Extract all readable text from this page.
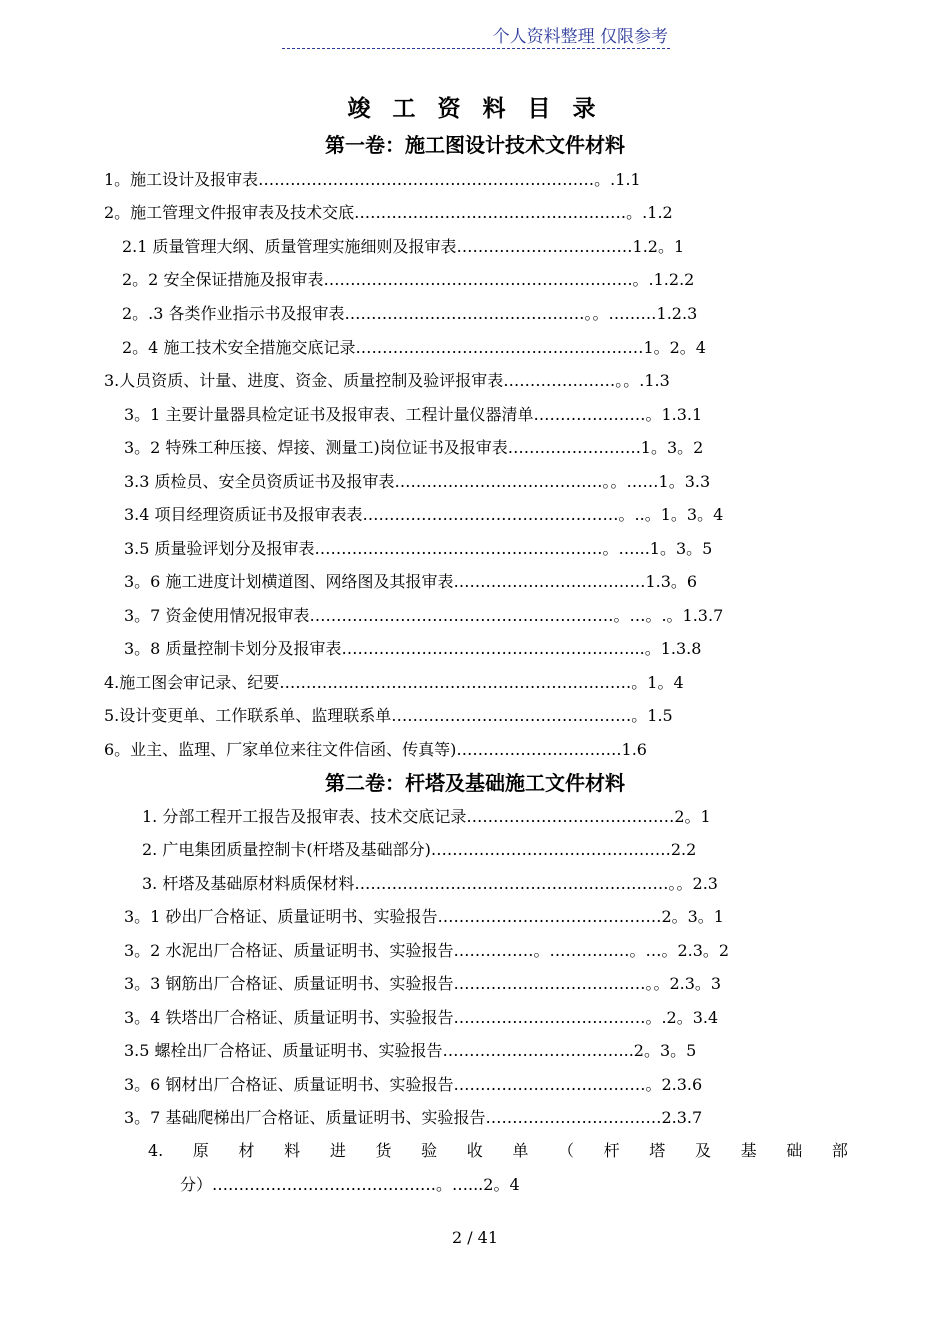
个人资料整理 仅限参考
竣 工 资 料 目 录
第一卷：施工图设计技术文件材料
1。施工设计及报审表………………………………………………………。.1.1
2。施工管理文件报审表及技术交底……………………………………………。.1.2
2.1 质量管理大纲、质量管理实施细则及报审表……………………………1.2。1
2。2 安全保证措施及报审表………………………………………………….。.1.2.2
2。.3 各类作业指示书及报审表………………………………………。。………1.2.3
2。4 施工技术安全措施交底记录………………………………………………1。2。4
3.人员资质、计量、进度、资金、质量控制及验评报审表…………………。。.1.3
3。1 主要计量器具检定证书及报审表、工程计量仪器清单…………………。1.3.1
3。2 特殊工种压接、焊接、测量工)岗位证书及报审表…………………….1。3。2
3.3 质检员、安全员资质证书及报审表…………………………………。。……1。3.3
3.4 项目经理资质证书及报审表表…………………………………………。..。1。3。4
3.5 质量验评划分及报审表………………………………………………。…...1。3。5
3。6 施工进度计划横道图、网络图及其报审表………………………………1.3。6
3。7 资金使用情况报审表…………………………………………………。…。.。1.3.7
3。8 质量控制卡划分及报审表………………………………………………...。1.3.8
4.施工图会审记录、纪要…………………………………………………………。1。4
5.设计变更单、工作联系单、监理联系单………………………………………。1.5
6。业主、监理、厂家单位来往文件信函、传真等)………………………….1.6
第二卷：杆塔及基础施工文件材料
1. 分部工程开工报告及报审表、技术交底记录…………………………………2。1
2. 广电集团质量控制卡(杆塔及基础部分)………………………………………2.2
3. 杆塔及基础原材料质保材料……………………………………..……………。。2.3
3。1 砂出厂合格证、质量证明书、实验报告……………………………………2。3。1
3。2 水泥出厂合格证、质量证明书、实验报告……………。……………。…。2.3。2
3。3 钢筋出厂合格证、质量证明书、实验报告………………………………。。2.3。3
3。4 铁塔出厂合格证、质量证明书、实验报告………………………………。.2。3.4
3.5 螺栓出厂合格证、质量证明书、实验报告……………………………...2。3。5
3。6 钢材出厂合格证、质量证明书、实验报告………………………………。2.3.6
3。7 基础爬梯出厂合格证、质量证明书、实验报告……………………………2.3.7
4. 原 材 料 进 货 验 收 单 （ 杆 塔 及 基 础 部
分）……………………………………。…...2。4
2 / 41
